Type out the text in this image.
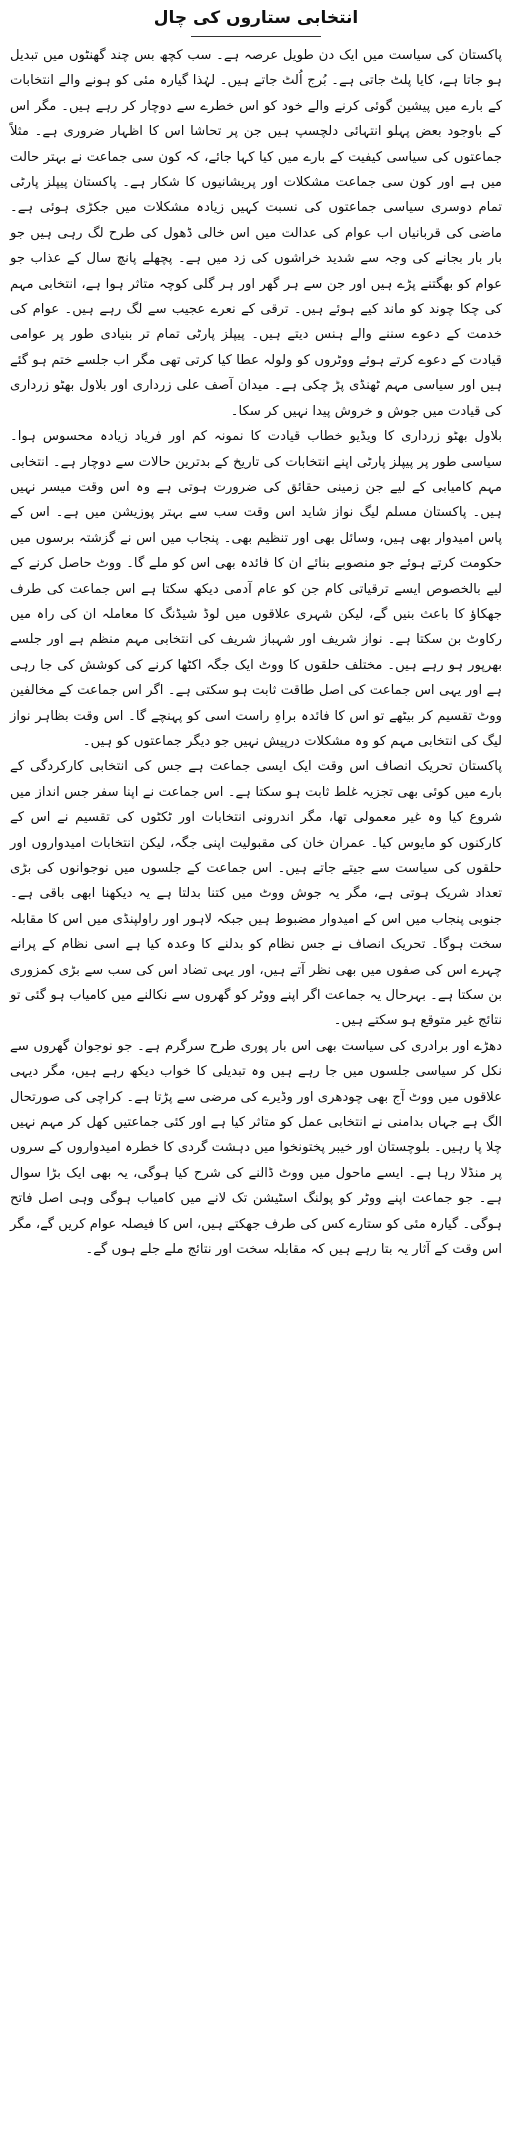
انتخابی ستاروں کی چال

پاکستان کی سیاست میں ایک دن طویل عرصہ ہے۔ سب کچھ بس چند گھنٹوں میں تبدیل ہو جاتا ہے، کایا پلٹ جاتی ہے۔ بُرج اُلٹ جاتے ہیں۔ لہٰذا گیارہ مئی کو ہونے والے انتخابات کے بارے میں پیشین گوئی کرنے والے خود کو اس خطرے سے دوچار کر رہے ہیں۔ مگر اس کے باوجود بعض پہلو انتہائی دلچسپ ہیں جن پر تحاشا اس کا اظہار ضروری ہے۔ مثلاً جماعتوں کی سیاسی کیفیت کے بارے میں کیا کہا جائے، کہ کون سی جماعت نے بہتر حالت میں ہے اور کون سی جماعت مشکلات اور پریشانیوں کا شکار ہے۔ پاکستان پیپلز پارٹی تمام دوسری سیاسی جماعتوں کی نسبت کہیں زیادہ مشکلات میں جکڑی ہوئی ہے۔ ماضی کی قربانیاں اب عوام کی عدالت میں اس خالی ڈھول کی طرح لگ رہی ہیں جو بار بار بجانے کی وجہ سے شدید خراشوں کی زد میں ہے۔ پچھلے پانچ سال کے عذاب جو عوام کو بھگتنے پڑے ہیں اور جن سے ہر گھر اور ہر گلی کوچہ متاثر ہوا ہے، انتخابی مہم کی چکا چوند کو ماند کیے ہوئے ہیں۔ ترقی کے نعرے عجیب سے لگ رہے ہیں۔ عوام کی خدمت کے دعوے سننے والے ہنس دیتے ہیں۔ پیپلز پارٹی تمام تر بنیادی طور پر عوامی قیادت کے دعوے کرتے ہوئے ووٹروں کو ولولہ عطا کیا کرتی تھی مگر اب جلسے ختم ہو گئے ہیں اور سیاسی مہم ٹھنڈی پڑ چکی ہے۔ میدان آصف علی زرداری اور بلاول بھٹو زرداری کی قیادت میں جوش و خروش پیدا نہیں کر سکا۔

بلاول بھٹو زرداری کا ویڈیو خطاب قیادت کا نمونہ کم اور فریاد زیادہ محسوس ہوا۔ سیاسی طور پر پیپلز پارٹی اپنے انتخابات کی تاریخ کے بدترین حالات سے دوچار ہے۔ انتخابی مہم کامیابی کے لیے جن زمینی حقائق کی ضرورت ہوتی ہے وہ اس وقت میسر نہیں ہیں۔ پاکستان مسلم لیگ نواز شاید اس وقت سب سے بہتر پوزیشن میں ہے۔ اس کے پاس امیدوار بھی ہیں، وسائل بھی اور تنظیم بھی۔ پنجاب میں اس نے گزشتہ برسوں میں حکومت کرتے ہوئے جو منصوبے بنائے ان کا فائدہ بھی اس کو ملے گا۔ ووٹ حاصل کرنے کے لیے بالخصوص ایسے ترقیاتی کام جن کو عام آدمی دیکھ سکتا ہے اس جماعت کی طرف جھکاؤ کا باعث بنیں گے، لیکن شہری علاقوں میں لوڈ شیڈنگ کا معاملہ ان کی راہ میں رکاوٹ بن سکتا ہے۔ نواز شریف اور شہباز شریف کی انتخابی مہم منظم ہے اور جلسے بھرپور ہو رہے ہیں۔ مختلف حلقوں کا ووٹ ایک جگہ اکٹھا کرنے کی کوشش کی جا رہی ہے اور یہی اس جماعت کی اصل طاقت ثابت ہو سکتی ہے۔ اگر اس جماعت کے مخالفین ووٹ تقسیم کر بیٹھے تو اس کا فائدہ براہِ راست اسی کو پہنچے گا۔ اس وقت بظاہر نواز لیگ کی انتخابی مہم کو وہ مشکلات درپیش نہیں جو دیگر جماعتوں کو ہیں۔

پاکستان تحریک انصاف اس وقت ایک ایسی جماعت ہے جس کی انتخابی کارکردگی کے بارے میں کوئی بھی تجزیہ غلط ثابت ہو سکتا ہے۔ اس جماعت نے اپنا سفر جس انداز میں شروع کیا وہ غیر معمولی تھا، مگر اندرونی انتخابات اور ٹکٹوں کی تقسیم نے اس کے کارکنوں کو مایوس کیا۔ عمران خان کی مقبولیت اپنی جگہ، لیکن انتخابات امیدواروں اور حلقوں کی سیاست سے جیتے جاتے ہیں۔ اس جماعت کے جلسوں میں نوجوانوں کی بڑی تعداد شریک ہوتی ہے، مگر یہ جوش ووٹ میں کتنا بدلتا ہے یہ دیکھنا ابھی باقی ہے۔ جنوبی پنجاب میں اس کے امیدوار مضبوط ہیں جبکہ لاہور اور راولپنڈی میں اس کا مقابلہ سخت ہوگا۔ تحریک انصاف نے جس نظام کو بدلنے کا وعدہ کیا ہے اسی نظام کے پرانے چہرے اس کی صفوں میں بھی نظر آتے ہیں، اور یہی تضاد اس کی سب سے بڑی کمزوری بن سکتا ہے۔ بہرحال یہ جماعت اگر اپنے ووٹر کو گھروں سے نکالنے میں کامیاب ہو گئی تو نتائج غیر متوقع ہو سکتے ہیں۔

دھڑے اور برادری کی سیاست بھی اس بار پوری طرح سرگرم ہے۔ جو نوجوان گھروں سے نکل کر سیاسی جلسوں میں جا رہے ہیں وہ تبدیلی کا خواب دیکھ رہے ہیں، مگر دیہی علاقوں میں ووٹ آج بھی چودھری اور وڈیرے کی مرضی سے پڑتا ہے۔ کراچی کی صورتحال الگ ہے جہاں بدامنی نے انتخابی عمل کو متاثر کیا ہے اور کئی جماعتیں کھل کر مہم نہیں چلا پا رہیں۔ بلوچستان اور خیبر پختونخوا میں دہشت گردی کا خطرہ امیدواروں کے سروں پر منڈلا رہا ہے۔ ایسے ماحول میں ووٹ ڈالنے کی شرح کیا ہوگی، یہ بھی ایک بڑا سوال ہے۔ جو جماعت اپنے ووٹر کو پولنگ اسٹیشن تک لانے میں کامیاب ہوگی وہی اصل فاتح ہوگی۔ گیارہ مئی کو ستارے کس کی طرف جھکتے ہیں، اس کا فیصلہ عوام کریں گے، مگر اس وقت کے آثار یہ بتا رہے ہیں کہ مقابلہ سخت اور نتائج ملے جلے ہوں گے۔
